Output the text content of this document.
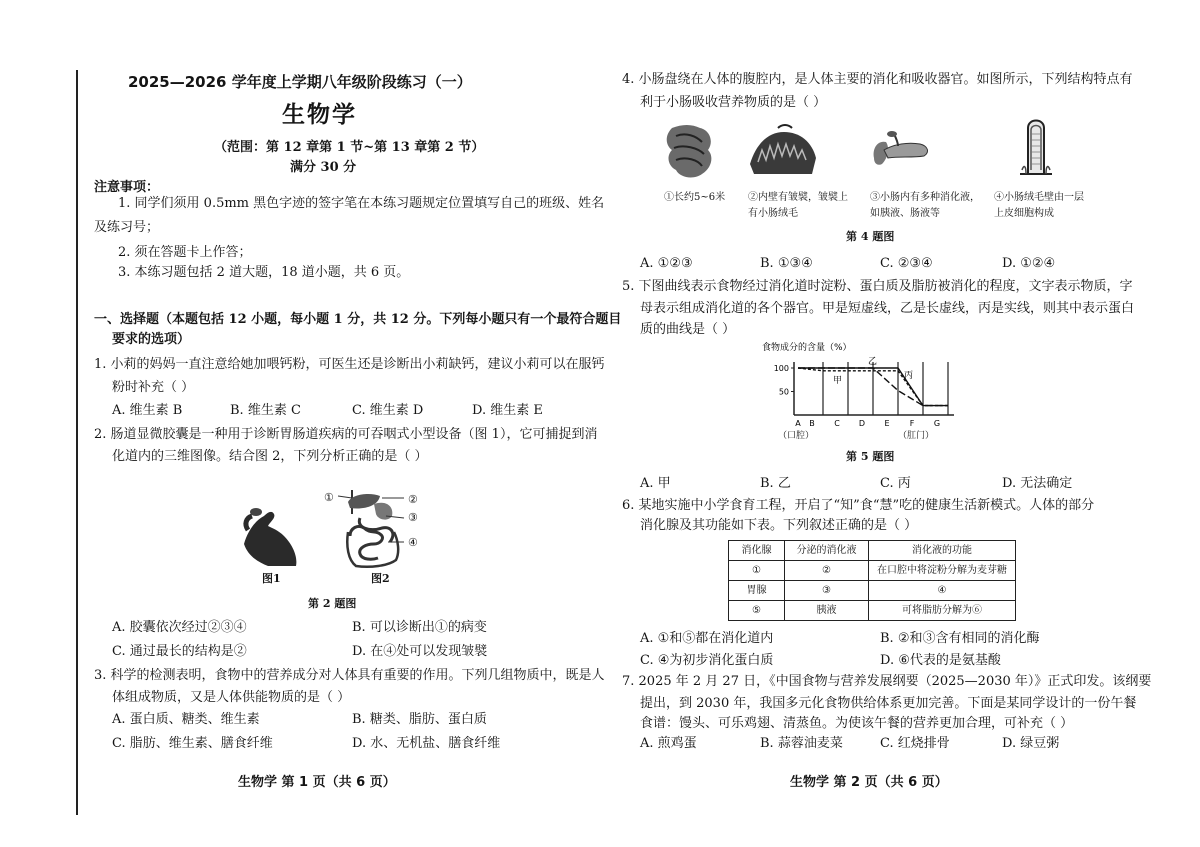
2025—2026 学年度上学期八年级阶段练习（一）
生物学
（范围：第 12 章第 1 节~第 13 章第 2 节）
满分 30 分
注意事项：
1. 同学们须用 0.5mm 黑色字迹的签字笔在本练习题规定位置填写自己的班级、姓名
及练习号；
2. 须在答题卡上作答；
3. 本练习题包括 2 道大题，18 道小题，共 6 页。
一、选择题（本题包括 12 小题，每小题 1 分，共 12 分。下列每小题只有一个最符合题目
要求的选项）
1. 小莉的妈妈一直注意给她加喂钙粉，可医生还是诊断出小莉缺钙，建议小莉可以在服钙
粉时补充（ ）
A. 维生素 B	B. 维生素 C	C. 维生素 D	D. 维生素 E
2. 肠道显微胶囊是一种用于诊断胃肠道疾病的可吞咽式小型设备（图 1），它可捕捉到消
化道内的三维图像。结合图 2，下列分析正确的是（ ）
图1
①	②
③
④
图2
第 2 题图
A. 胶囊依次经过②③④	B. 可以诊断出①的病变
C. 通过最长的结构是②	D. 在④处可以发现皱襞
3. 科学的检测表明，食物中的营养成分对人体具有重要的作用。下列几组物质中，既是人
体组成物质，又是人体供能物质的是（ ）
A. 蛋白质、糖类、维生素	B. 糖类、脂肪、蛋白质
C. 脂肪、维生素、膳食纤维	D. 水、无机盐、膳食纤维
生物学 第 1 页（共 6 页）
4. 小肠盘绕在人体的腹腔内，是人体主要的消化和吸收器官。如图所示，下列结构特点有
利于小肠吸收营养物质的是（ ）
①长约5~6米 ②内壁有皱襞，皱襞上
有小肠绒毛
③小肠内有多种消化液，
如胰液、肠液等
④小肠绒毛壁由一层
上皮细胞构成
第 4 题图
A. ①②③	B. ①③④	C. ②③④	D. ①②④
5. 下图曲线表示食物经过消化道时淀粉、蛋白质及脂肪被消化的程度，文字表示物质，字
母表示组成消化道的各个器官。甲是短虚线，乙是长虚线，丙是实线，则其中表示蛋白
质的曲线是（ ）
食物成分的含量（%）
50
100
A B C D E	F G
甲
乙
丙
（口腔）	（肛门）
第 5 题图
A. 甲	B. 乙	C. 丙	D. 无法确定
6. 某地实施中小学食育工程，开启了“知”食“慧”吃的健康生活新模式。人体的部分
消化腺及其功能如下表。下列叙述正确的是（ ）
消化腺	分泌的消化液	消化液的功能
①	②	在口腔中将淀粉分解为麦芽糖
胃腺	③	④
⑤	胰液	可将脂肪分解为⑥
A. ①和⑤都在消化道内	B. ②和③含有相同的消化酶
C. ④为初步消化蛋白质	D. ⑥代表的是氨基酸
7. 2025 年 2 月 27 日，《中国食物与营养发展纲要（2025—2030 年）》正式印发。该纲要
提出，到 2030 年，我国多元化食物供给体系更加完善。下面是某同学设计的一份午餐
食谱：馒头、可乐鸡翅、清蒸鱼。为使该午餐的营养更加合理，可补充（ ）
A. 煎鸡蛋	B. 蒜蓉油麦菜	C. 红烧排骨	D. 绿豆粥
生物学 第 2 页（共 6 页）
